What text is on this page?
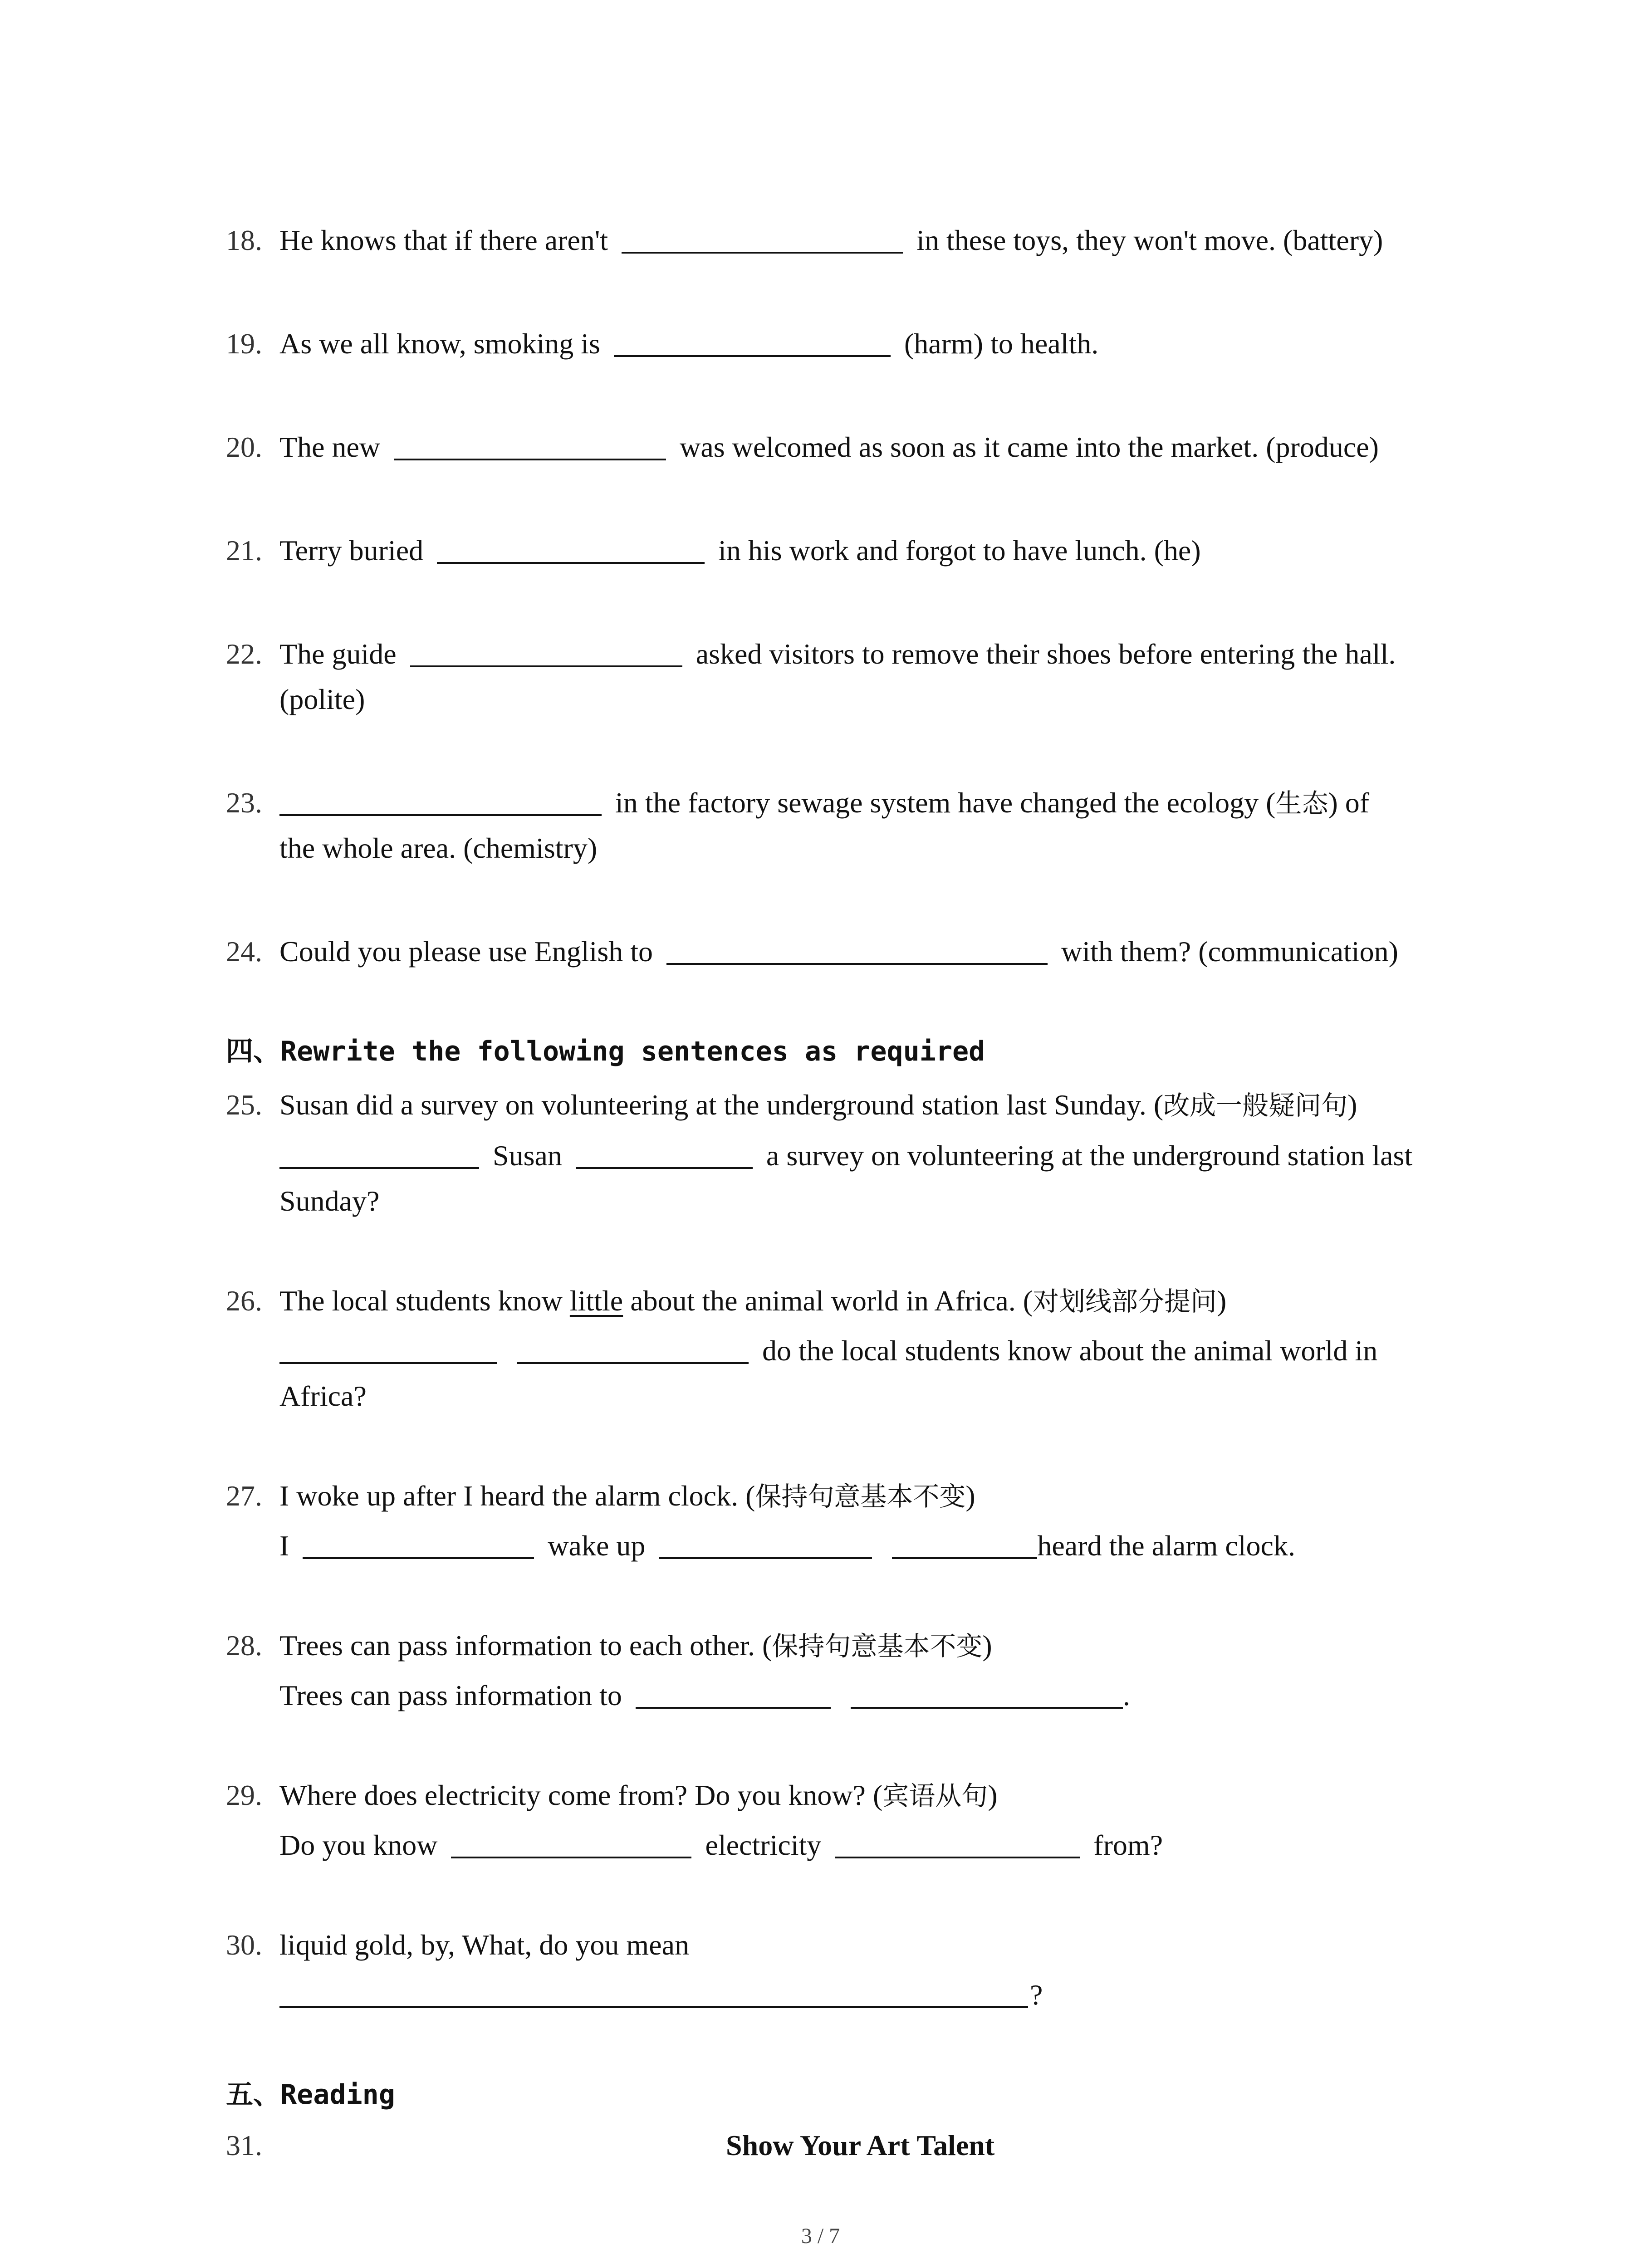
18. He knows that if there aren't	in these toys, they won't move. (battery)
19. As we all know, smoking is	(harm) to health.
20. The new	was welcomed as soon as it came into the market. (produce)
21. Terry buried	in his work and forgot to have lunch. (he)
22. The guide	asked visitors to remove their shoes before entering the hall.
(polite)
23.	in the factory sewage system have changed the ecology (生态) of
the whole area. (chemistry)
24. Could you please use English to	with them? (communication)
四、Rewrite the following sentences as required
25. Susan did a survey on volunteering at the underground station last Sunday. (改成一般疑问句)
Susan	a survey on volunteering at the underground station last
Sunday?
26. The local students know little about the animal world in Africa. (对划线部分提问)
do the local students know about the animal world in
Africa?
27. I woke up after I heard the alarm clock. (保持句意基本不变)
I	wake up	heard the alarm clock.
28. Trees can pass information to each other. (保持句意基本不变)
Trees can pass information to	.
29. Where does electricity come from? Do you know? (宾语从句)
Do you know	electricity	from?
30. liquid gold, by, What, do you mean
?
五、Reading
31.	Show Your Art Talent
3 / 7
